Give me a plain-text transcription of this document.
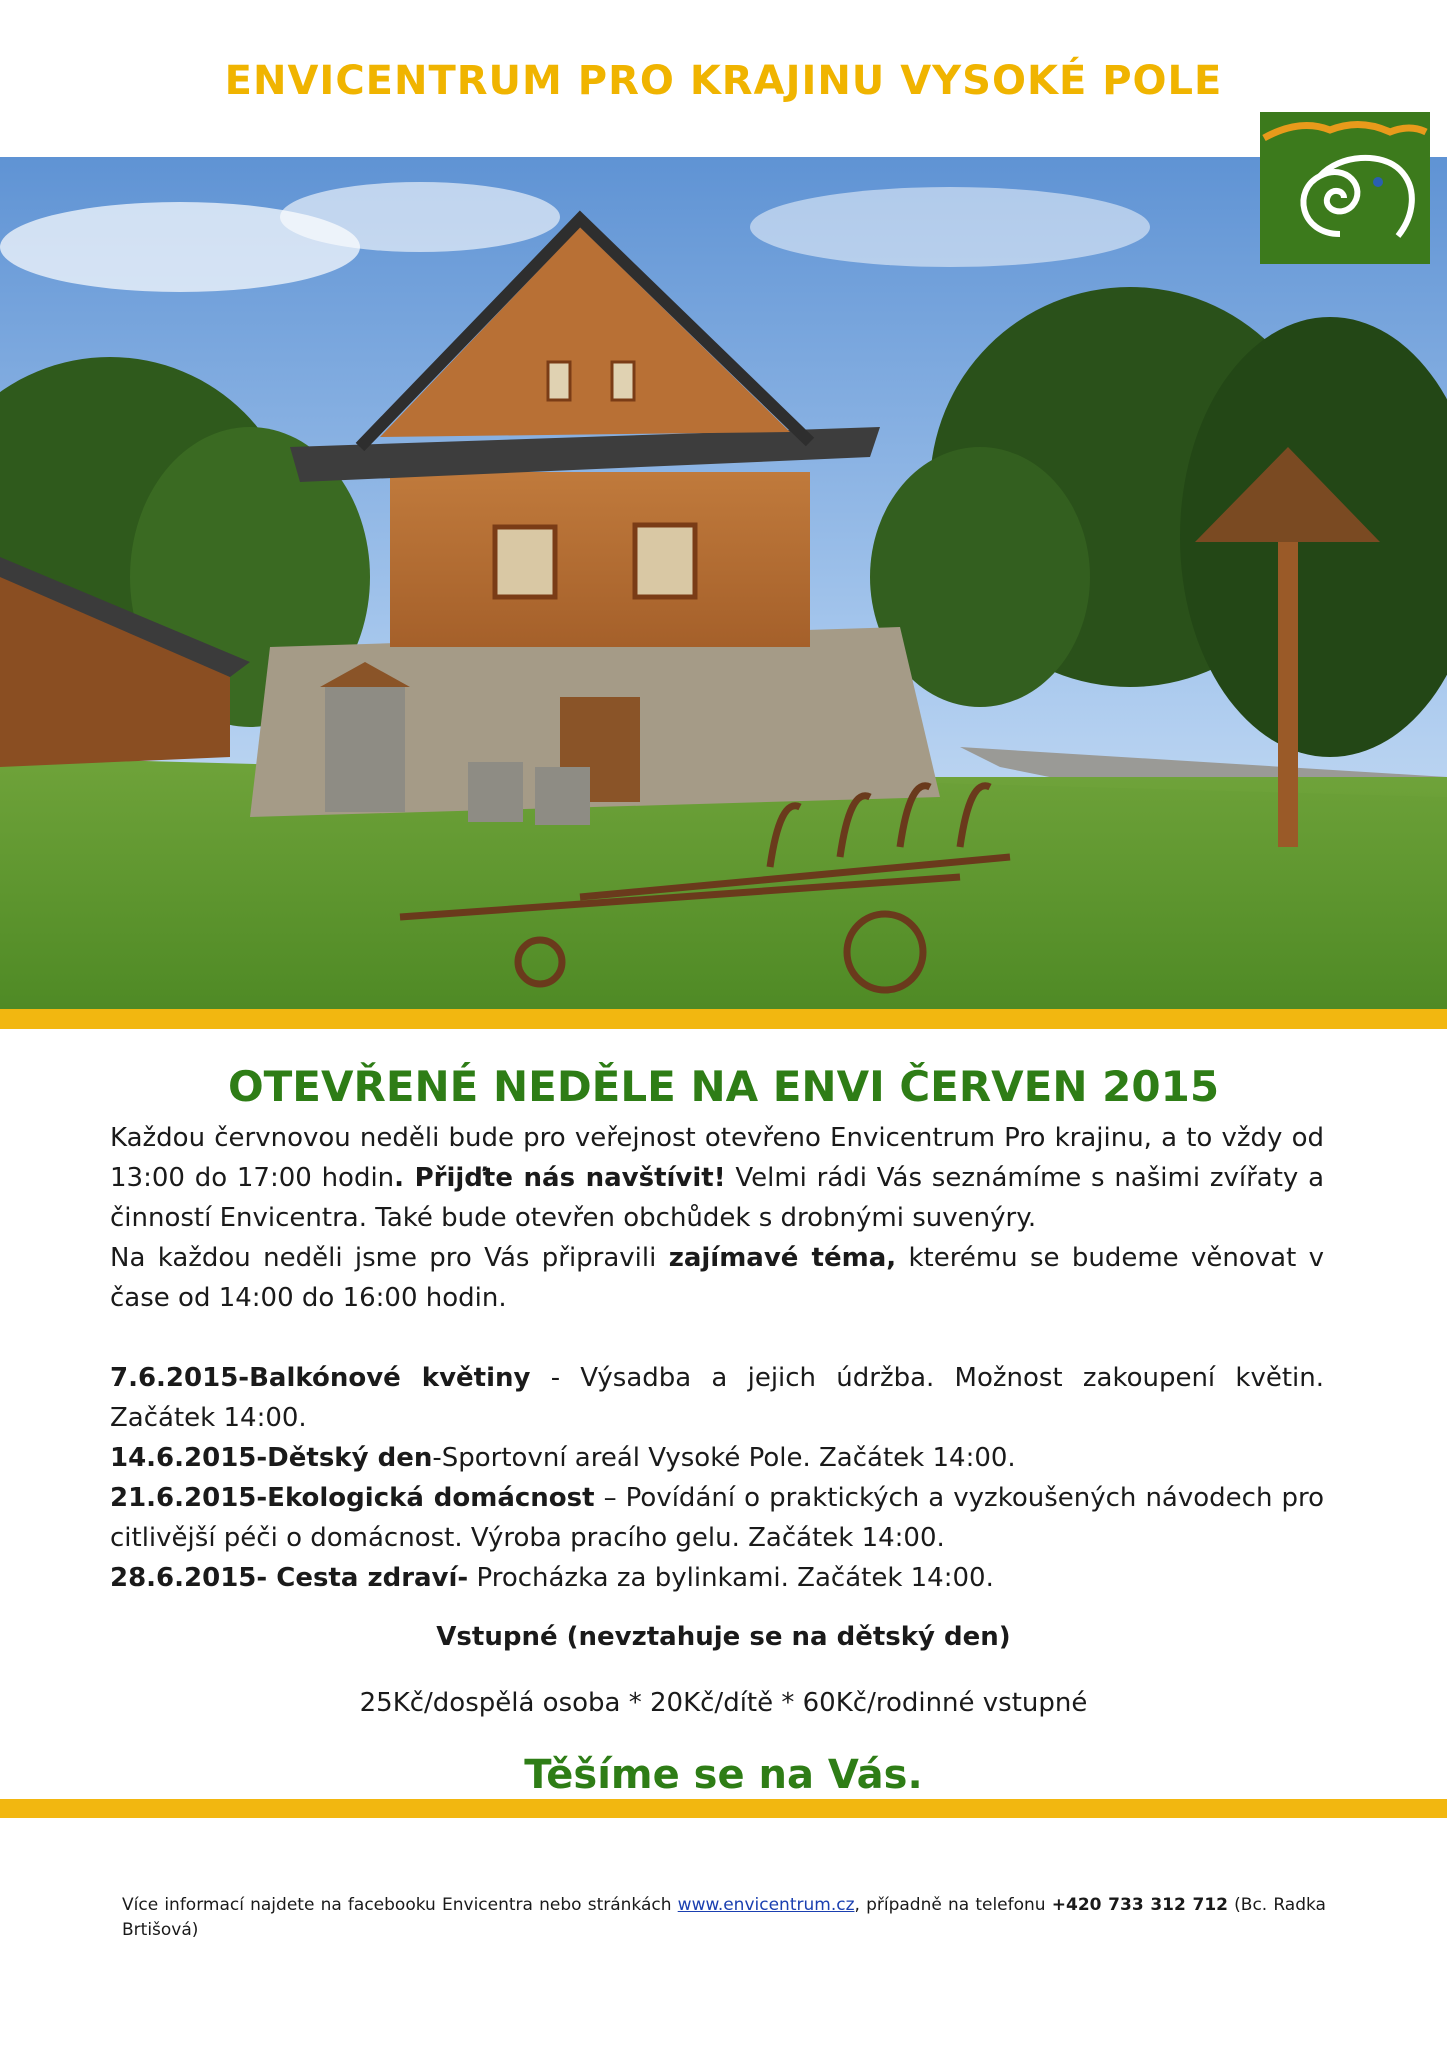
ENVICENTRUM PRO KRAJINU VYSOKÉ POLE
OTEVŘENÉ NEDĚLE NA ENVI ČERVEN 2015

Každou červnovou neděli bude pro veřejnost otevřeno Envicentrum Pro krajinu, a to vždy od 13:00 do 17:00 hodin. Přijďte nás navštívit! Velmi rádi Vás seznámíme s našimi zvířaty a činností Envicentra. Také bude otevřen obchůdek s drobnými suvenýry.

Na každou neděli jsme pro Vás připravili zajímavé téma, kterému se budeme věnovat v čase od 14:00 do 16:00 hodin.

7.6.2015-Balkónové květiny - Výsadba a jejich údržba. Možnost zakoupení květin. Začátek 14:00.

14.6.2015-Dětský den-Sportovní areál Vysoké Pole. Začátek 14:00.

21.6.2015-Ekologická domácnost – Povídání o praktických a vyzkoušených návodech pro citlivější péči o domácnost. Výroba pracího gelu. Začátek 14:00.

28.6.2015- Cesta zdraví- Procházka za bylinkami. Začátek 14:00.

Vstupné (nevztahuje se na dětský den)
25Kč/dospělá osoba * 20Kč/dítě * 60Kč/rodinné vstupné
Těšíme se na Vás.
Více informací najdete na facebooku Envicentra nebo stránkách www.envicentrum.cz, případně na telefonu +420 733 312 712 (Bc. Radka Brtišová)
